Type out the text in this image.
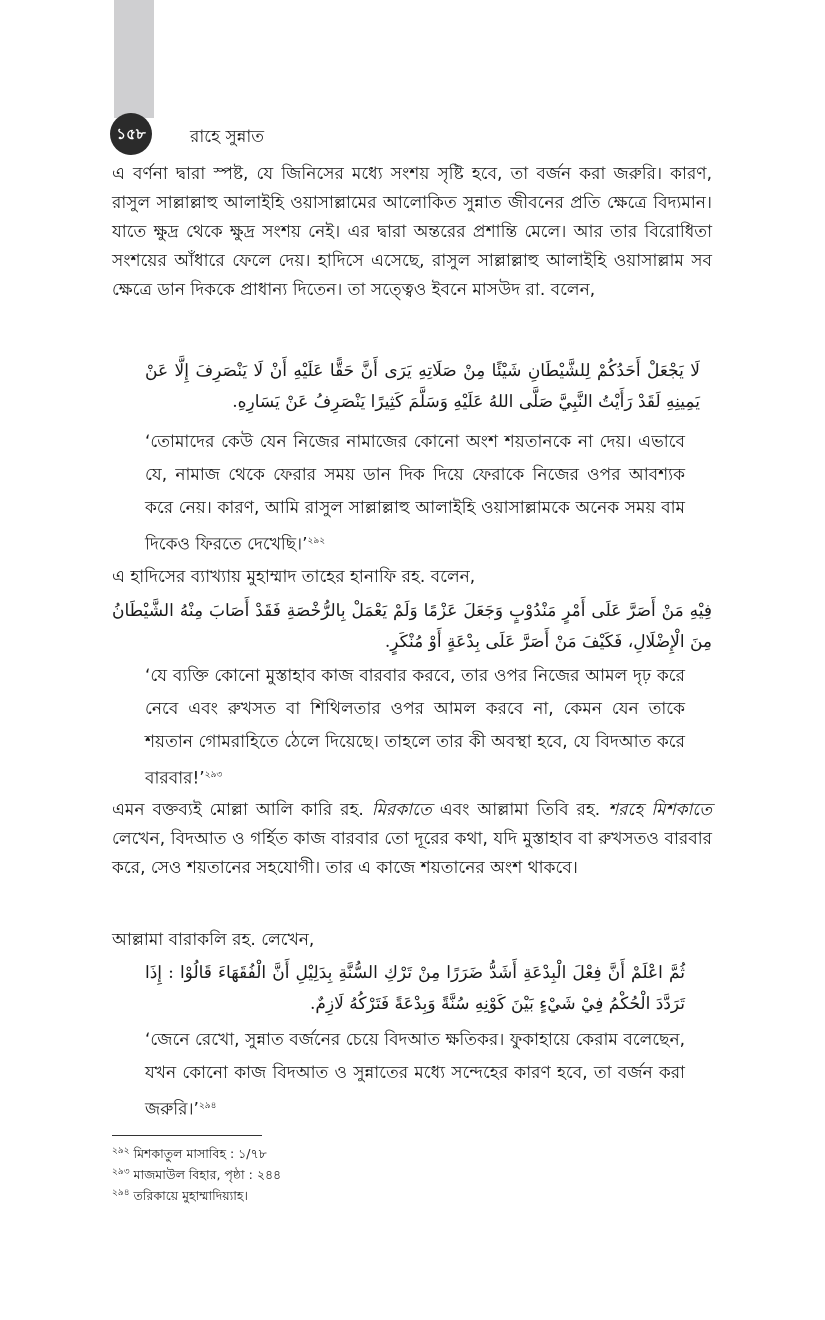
১৫৮	রাহে সুন্নাত

এ বর্ণনা দ্বারা স্পষ্ট, যে জিনিসের মধ্যে সংশয় সৃষ্টি হবে, তা বর্জন করা জরুরি। কারণ, রাসুল সাল্লাল্লাহু আলাইহি ওয়াসাল্লামের আলোকিত সুন্নাত জীবনের প্রতি ক্ষেত্রে বিদ্যমান। যাতে ক্ষুদ্র থেকে ক্ষুদ্র সংশয় নেই। এর দ্বারা অন্তরের প্রশান্তি মেলে। আর তার বিরোধিতা সংশয়ের আঁধারে ফেলে দেয়। হাদিসে এসেছে, রাসুল সাল্লাল্লাহু আলাইহি ওয়াসাল্লাম সব ক্ষেত্রে ডান দিককে প্রাধান্য দিতেন। তা সত্ত্বেও ইবনে মাসউদ রা. বলেন,

لَا يَجْعَلْ أَحَدُكُمْ لِلشَّيْطَانِ شَيْئًا مِنْ صَلَاتِهِ يَرَى أَنَّ حَقًّا عَلَيْهِ أَنْ لَا يَنْصَرِفَ إِلَّا عَنْ يَمِينِهِ لَقَدْ رَأَيْتُ النَّبِيَّ صَلَّى اللهُ عَلَيْهِ وَسَلَّمَ كَثِيرًا يَنْصَرِفُ عَنْ يَسَارِهِ.

‘তোমাদের কেউ যেন নিজের নামাজের কোনো অংশ শয়তানকে না দেয়। এভাবে যে, নামাজ থেকে ফেরার সময় ডান দিক দিয়ে ফেরাকে নিজের ওপর আবশ্যক করে নেয়। কারণ, আমি রাসুল সাল্লাল্লাহু আলাইহি ওয়াসাল্লামকে অনেক সময় বাম দিকেও ফিরতে দেখেছি।’$^{২৯২}$

এ হাদিসের ব্যাখ্যায় মুহাম্মাদ তাহের হানাফি রহ. বলেন,

فِيْهِ مَنْ أَصَرَّ عَلَى أَمْرٍ مَنْدُوْبٍ وَجَعَلَ عَزْمًا وَلَمْ يَعْمَلْ بِالرُّخْصَةِ فَقَدْ أَصَابَ مِنْهُ الشَّيْطَانُ مِنَ الْإِضْلَالِ، فَكَيْفَ مَنْ أَصَرَّ عَلَى بِدْعَةٍ أَوْ مُنْكَرٍ.

‘যে ব্যক্তি কোনো মুস্তাহাব কাজ বারবার করবে, তার ওপর নিজের আমল দৃঢ় করে নেবে এবং রুখসত বা শিথিলতার ওপর আমল করবে না, কেমন যেন তাকে শয়তান গোমরাহিতে ঠেলে দিয়েছে। তাহলে তার কী অবস্থা হবে, যে বিদআত করে বারবার!’$^{২৯৩}$

এমন বক্তব্যই মোল্লা আলি কারি রহ. মিরকাতে এবং আল্লামা তিবি রহ. শরহে মিশকাতে লেখেন, বিদআত ও গর্হিত কাজ বারবার তো দূরের কথা, যদি মুস্তাহাব বা রুখসতও বারবার করে, সেও শয়তানের সহযোগী। তার এ কাজে শয়তানের অংশ থাকবে।

আল্লামা বারাকলি রহ. লেখেন,

ثُمَّ اعْلَمْ أَنَّ فِعْلَ الْبِدْعَةِ أَشَدُّ ضَرَرًا مِنْ تَرْكِ السُّنَّةِ بِدَلِيْلِ أَنَّ الْفُقَهَاءَ قَالُوْا : إِذَا تَرَدَّدَ الْحُكْمُ فِيْ شَيْءٍ بَيْنَ كَوْنِهِ سُنَّةً وَبِدْعَةً فَتَرْكُهُ لَازِمٌ.

‘জেনে রেখো, সুন্নাত বর্জনের চেয়ে বিদআত ক্ষতিকর। ফুকাহায়ে কেরাম বলেছেন, যখন কোনো কাজ বিদআত ও সুন্নাতের মধ্যে সন্দেহের কারণ হবে, তা বর্জন করা জরুরি।’$^{২৯৪}$

$^{২৯২}$ মিশকাতুল মাসাবিহ : ১/৭৮
$^{২৯৩}$ মাজমাউল বিহার, পৃষ্ঠা : ২৪৪
$^{২৯৪}$ তরিকায়ে মুহাম্মাদিয়্যাহ।
